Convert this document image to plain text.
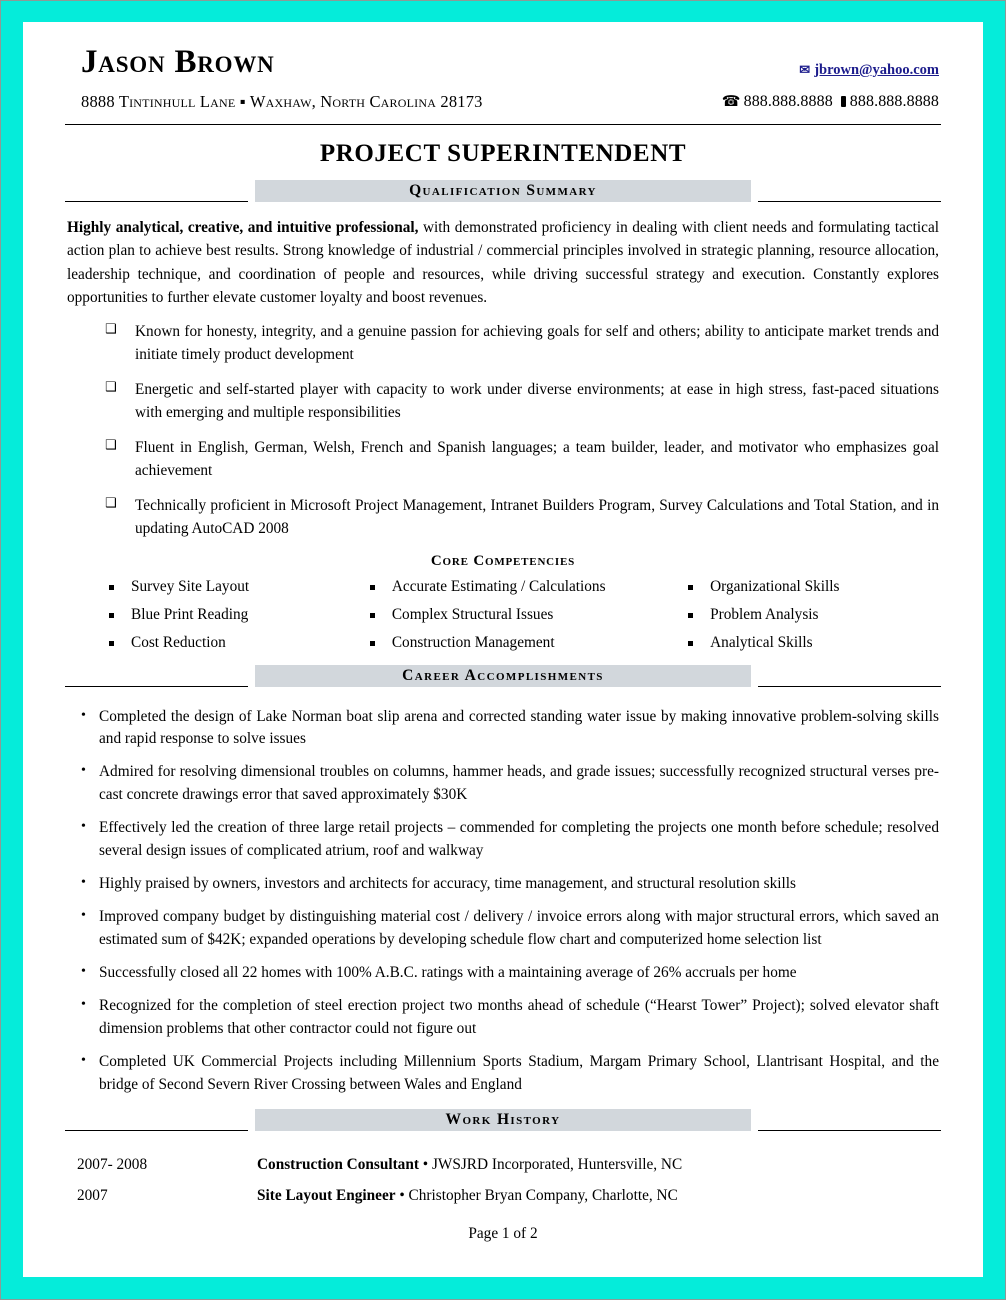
Jason Brown
8888 Tintinhull Lane ▪ Waxhaw, North Carolina 28173
✉ jbrown@yahoo.com
☎ 888.888.8888 888.888.8888
PROJECT SUPERINTENDENT
Qualification Summary

Highly analytical, creative, and intuitive professional, with demonstrated proficiency in dealing with client needs and formulating tactical action plan to achieve best results. Strong knowledge of industrial / commercial principles involved in strategic planning, resource allocation, leadership technique, and coordination of people and resources, while driving successful strategy and execution. Constantly explores opportunities to further elevate customer loyalty and boost revenues.

❑ Known for honesty, integrity, and a genuine passion for achieving goals for self and others; ability to anticipate market trends and initiate timely product development
❑ Energetic and self-started player with capacity to work under diverse environments; at ease in high stress, fast-paced situations with emerging and multiple responsibilities
❑ Fluent in English, German, Welsh, French and Spanish languages; a team builder, leader, and motivator who emphasizes goal achievement
❑ Technically proficient in Microsoft Project Management, Intranet Builders Program, Survey Calculations and Total Station, and in updating AutoCAD 2008
Core Competencies
Survey Site Layout	Accurate Estimating / Calculations	Organizational Skills
Blue Print Reading	Complex Structural Issues	Problem Analysis
Cost Reduction	Construction Management	Analytical Skills
Career Accomplishments
• Completed the design of Lake Norman boat slip arena and corrected standing water issue by making innovative problem-solving skills and rapid response to solve issues
• Admired for resolving dimensional troubles on columns, hammer heads, and grade issues; successfully recognized structural verses pre-cast concrete drawings error that saved approximately $30K
• Effectively led the creation of three large retail projects – commended for completing the projects one month before schedule; resolved several design issues of complicated atrium, roof and walkway
• Highly praised by owners, investors and architects for accuracy, time management, and structural resolution skills
• Improved company budget by distinguishing material cost / delivery / invoice errors along with major structural errors, which saved an estimated sum of $42K; expanded operations by developing schedule flow chart and computerized home selection list
• Successfully closed all 22 homes with 100% A.B.C. ratings with a maintaining average of 26% accruals per home
• Recognized for the completion of steel erection project two months ahead of schedule (“Hearst Tower” Project); solved elevator shaft dimension problems that other contractor could not figure out
• Completed UK Commercial Projects including Millennium Sports Stadium, Margam Primary School, Llantrisant Hospital, and the bridge of Second Severn River Crossing between Wales and England
Work History
2007- 2008	Construction Consultant • JWSJRD Incorporated, Huntersville, NC
2007	Site Layout Engineer • Christopher Bryan Company, Charlotte, NC
Page 1 of 2
